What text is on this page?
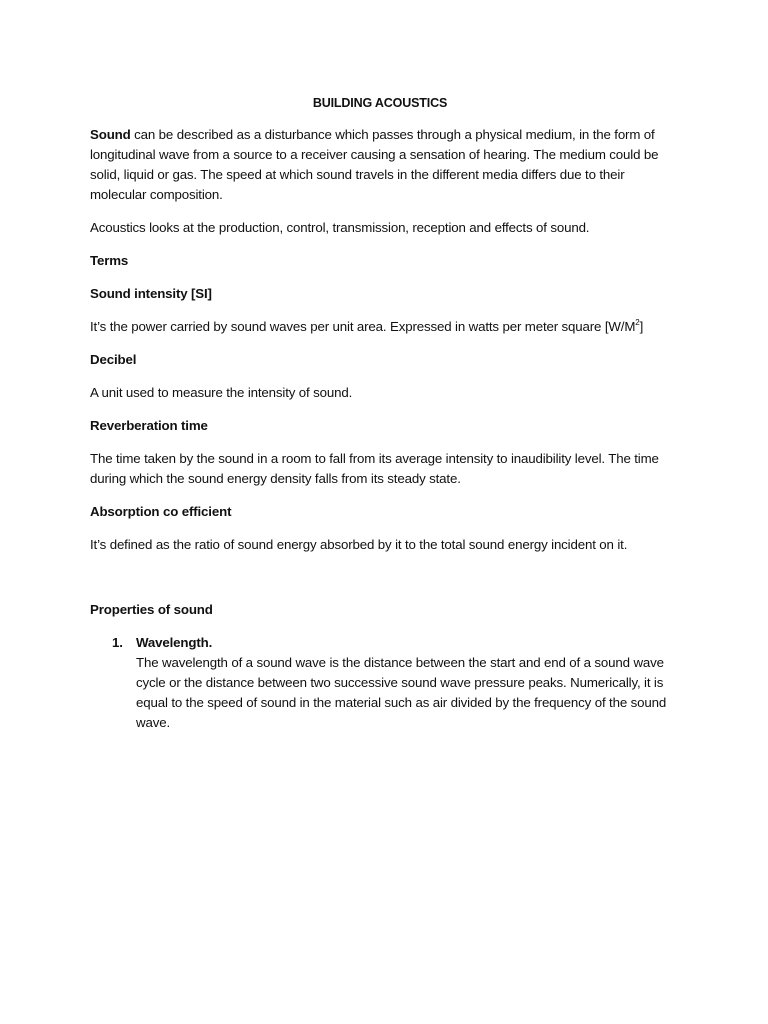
BUILDING ACOUSTICS

Sound can be described as a disturbance which passes through a physical medium, in the form of longitudinal wave from a source to a receiver causing a sensation of hearing. The medium could be solid, liquid or gas. The speed at which sound travels in the different media differs due to their molecular composition.

Acoustics looks at the production, control, transmission, reception and effects of sound.

Terms
Sound intensity [SI]

It’s the power carried by sound waves per unit area. Expressed in watts per meter square $[W/M^2]$

Decibel

A unit used to measure the intensity of sound.

Reverberation time

The time taken by the sound in a room to fall from its average intensity to inaudibility level. The time during which the sound energy density falls from its steady state.

Absorption co efficient

It’s defined as the ratio of sound energy absorbed by it to the total sound energy incident on it.

Properties of sound
1. Wavelength.
The wavelength of a sound wave is the distance between the start and end of a sound wave cycle or the distance between two successive sound wave pressure peaks. Numerically, it is equal to the speed of sound in the material such as air divided by the frequency of the sound wave.
